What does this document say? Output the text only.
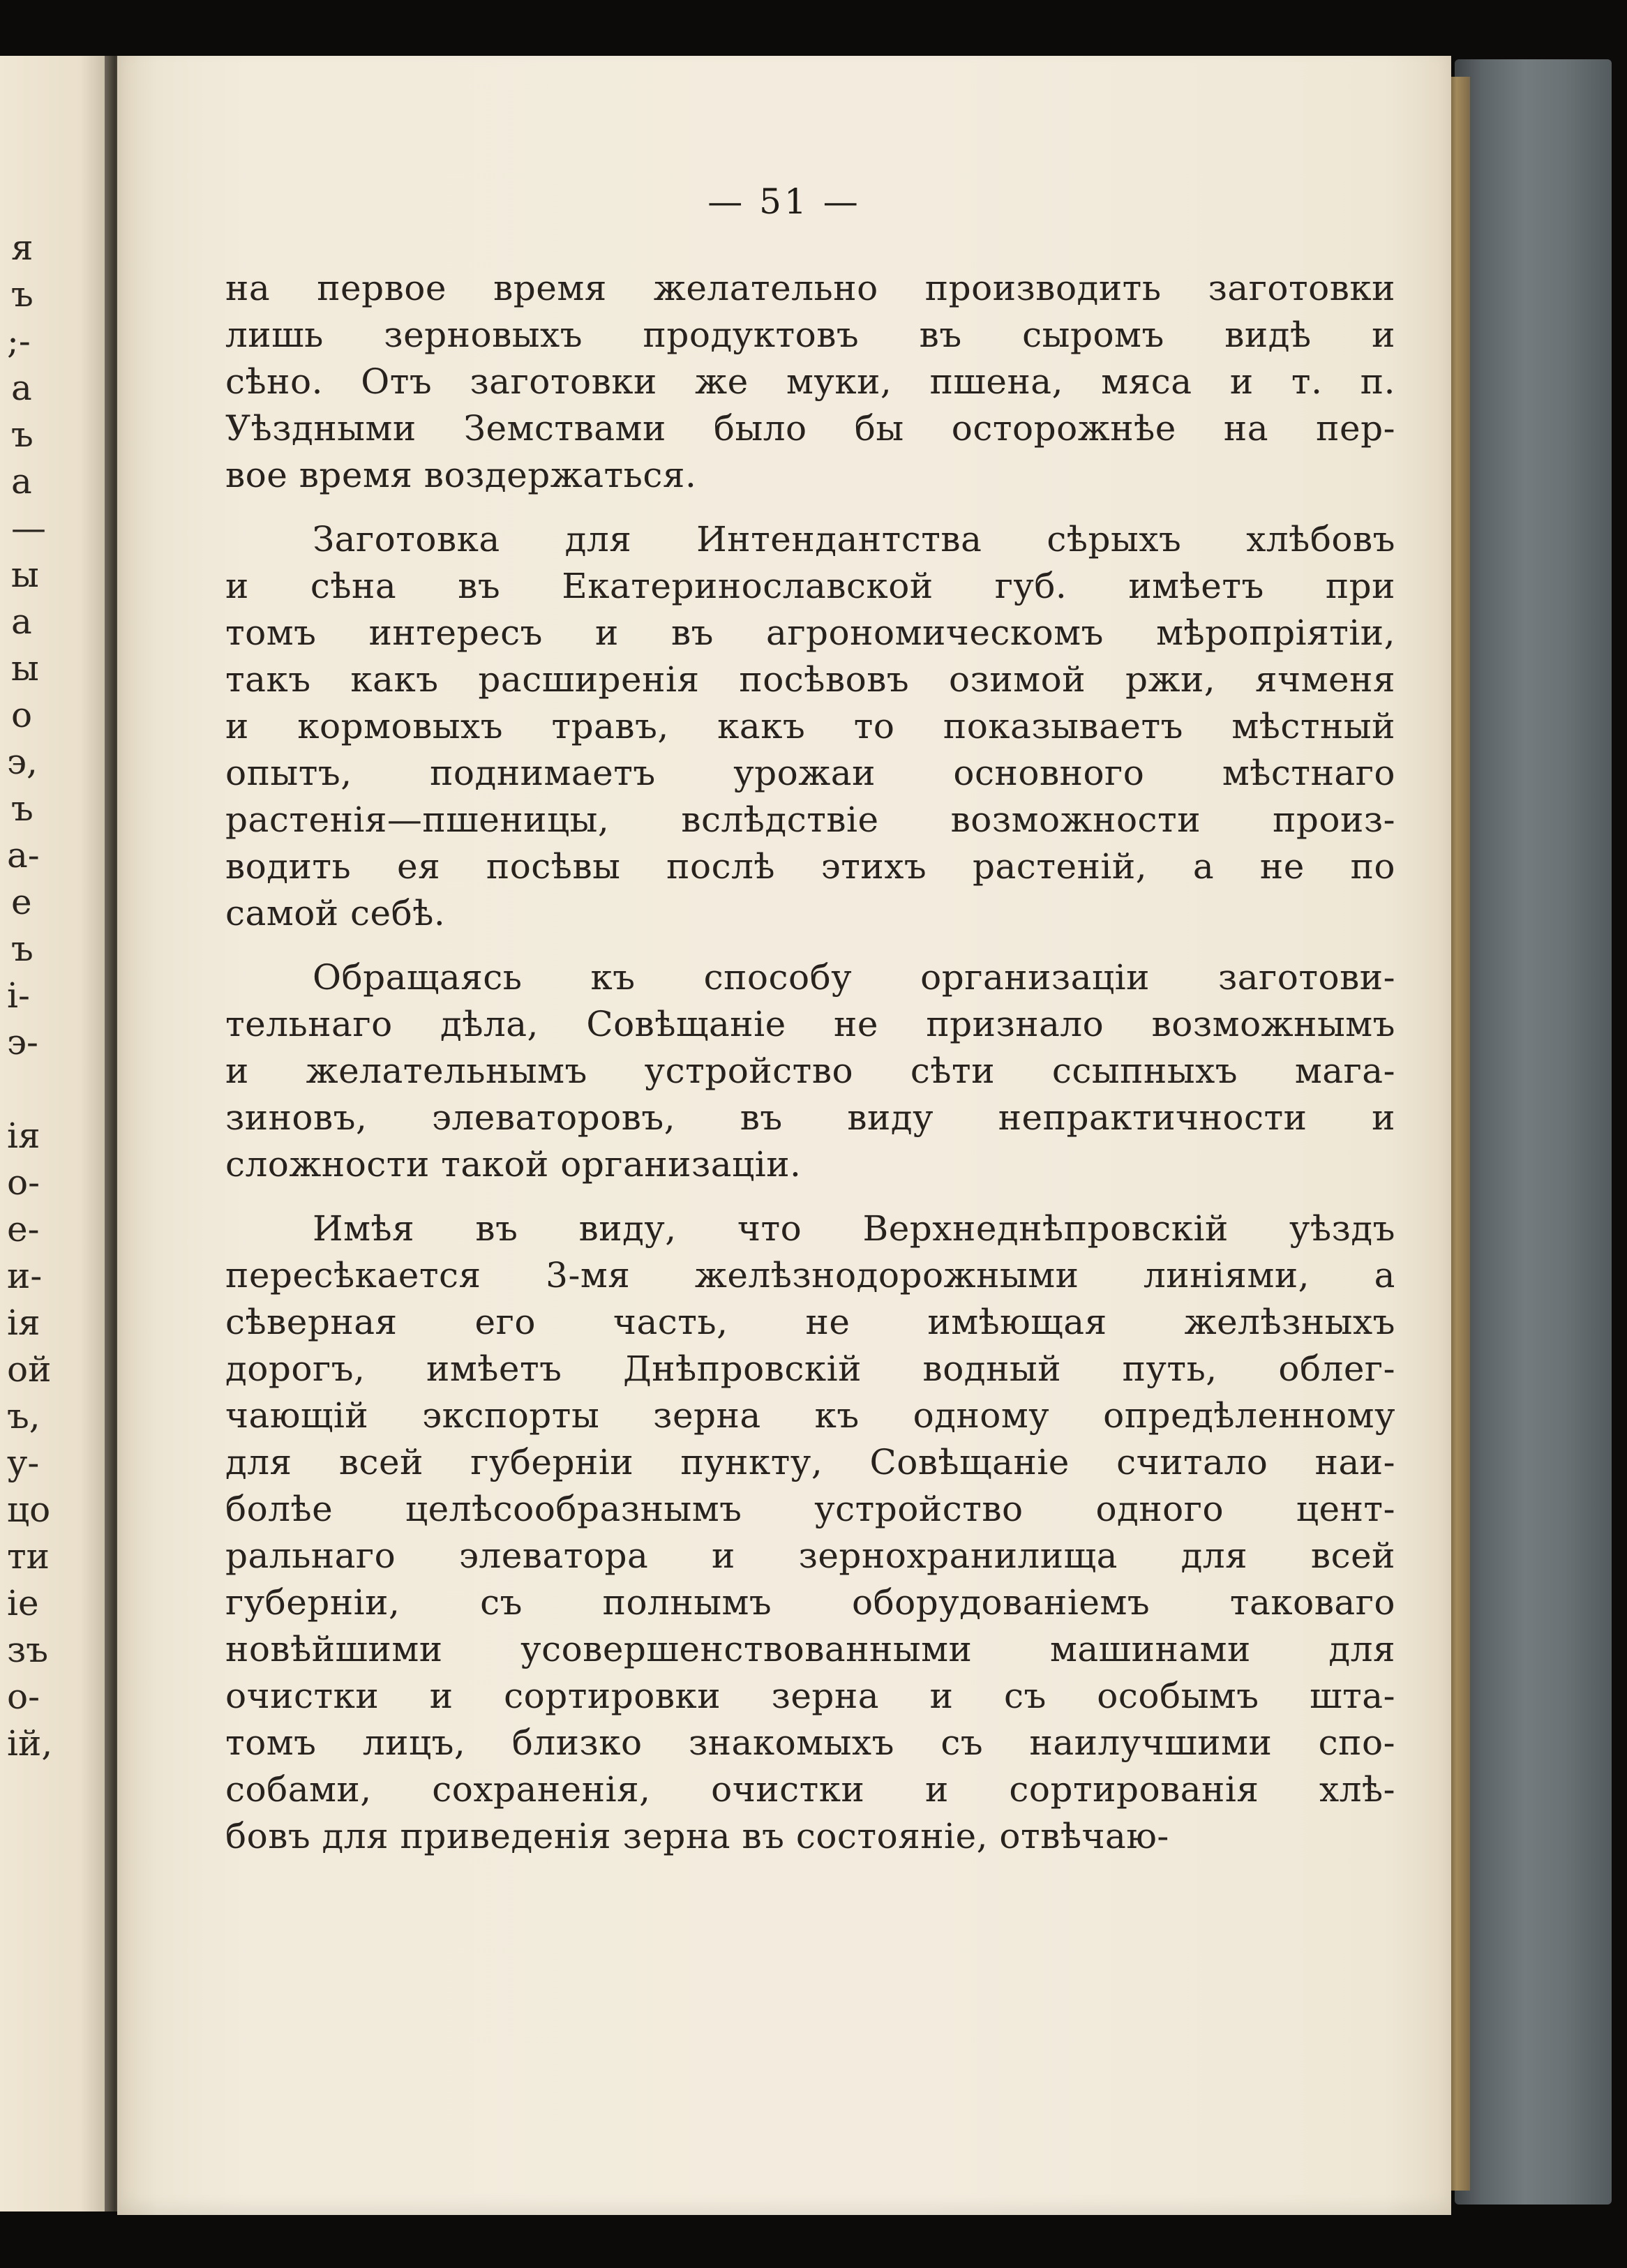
я
ъ
;-
а
ъ
а
—
ы
а
ы
о
э,
ъ
а-
е
ъ
і-
э-
ія
о-
е-
и-
ія
ой
ъ,
у-
цо
ти
іе
зъ
о-
ій,

— 51 —

на первое время желательно производить заготовки
лишь зерновыхъ продуктовъ въ сыромъ видѣ и
сѣно. Отъ заготовки же муки, пшена, мяса и т. п.
Уѣздными Земствами было бы осторожнѣе на пер-
вое время воздержаться.
Заготовка для Интендантства сѣрыхъ хлѣбовъ
и сѣна въ Екатеринославской губ. имѣетъ при
томъ интересъ и въ агрономическомъ мѣропріятіи,
такъ какъ расширенія посѣвовъ озимой ржи, ячменя
и кормовыхъ травъ, какъ то показываетъ мѣстный
опытъ, поднимаетъ урожаи основного мѣстнаго
растенія—пшеницы, вслѣдствіе возможности произ-
водить ея посѣвы послѣ этихъ растеній, а не по
самой себѣ.
Обращаясь къ способу организаціи заготови-
тельнаго дѣла, Совѣщаніе не признало возможнымъ
и желательнымъ устройство сѣти ссыпныхъ мага-
зиновъ, элеваторовъ, въ виду непрактичности и
сложности такой организаціи.
Имѣя въ виду, что Верхнеднѣпровскій уѣздъ
пересѣкается 3-мя желѣзнодорожными линіями, а
сѣверная его часть, не имѣющая желѣзныхъ
дорогъ, имѣетъ Днѣпровскій водный путь, облег-
чающій экспорты зерна къ одному опредѣленному
для всей губерніи пункту, Совѣщаніе считало наи-
болѣе целѣсообразнымъ устройство одного цент-
ральнаго элеватора и зернохранилища для всей
губерніи, съ полнымъ оборудованіемъ таковаго
новѣйшими усовершенствованными машинами для
очистки и сортировки зерна и съ особымъ шта-
томъ лицъ, близко знакомыхъ съ наилучшими спо-
собами, сохраненія, очистки и сортированія хлѣ-
бовъ для приведенія зерна въ состояніе, отвѣчаю-
